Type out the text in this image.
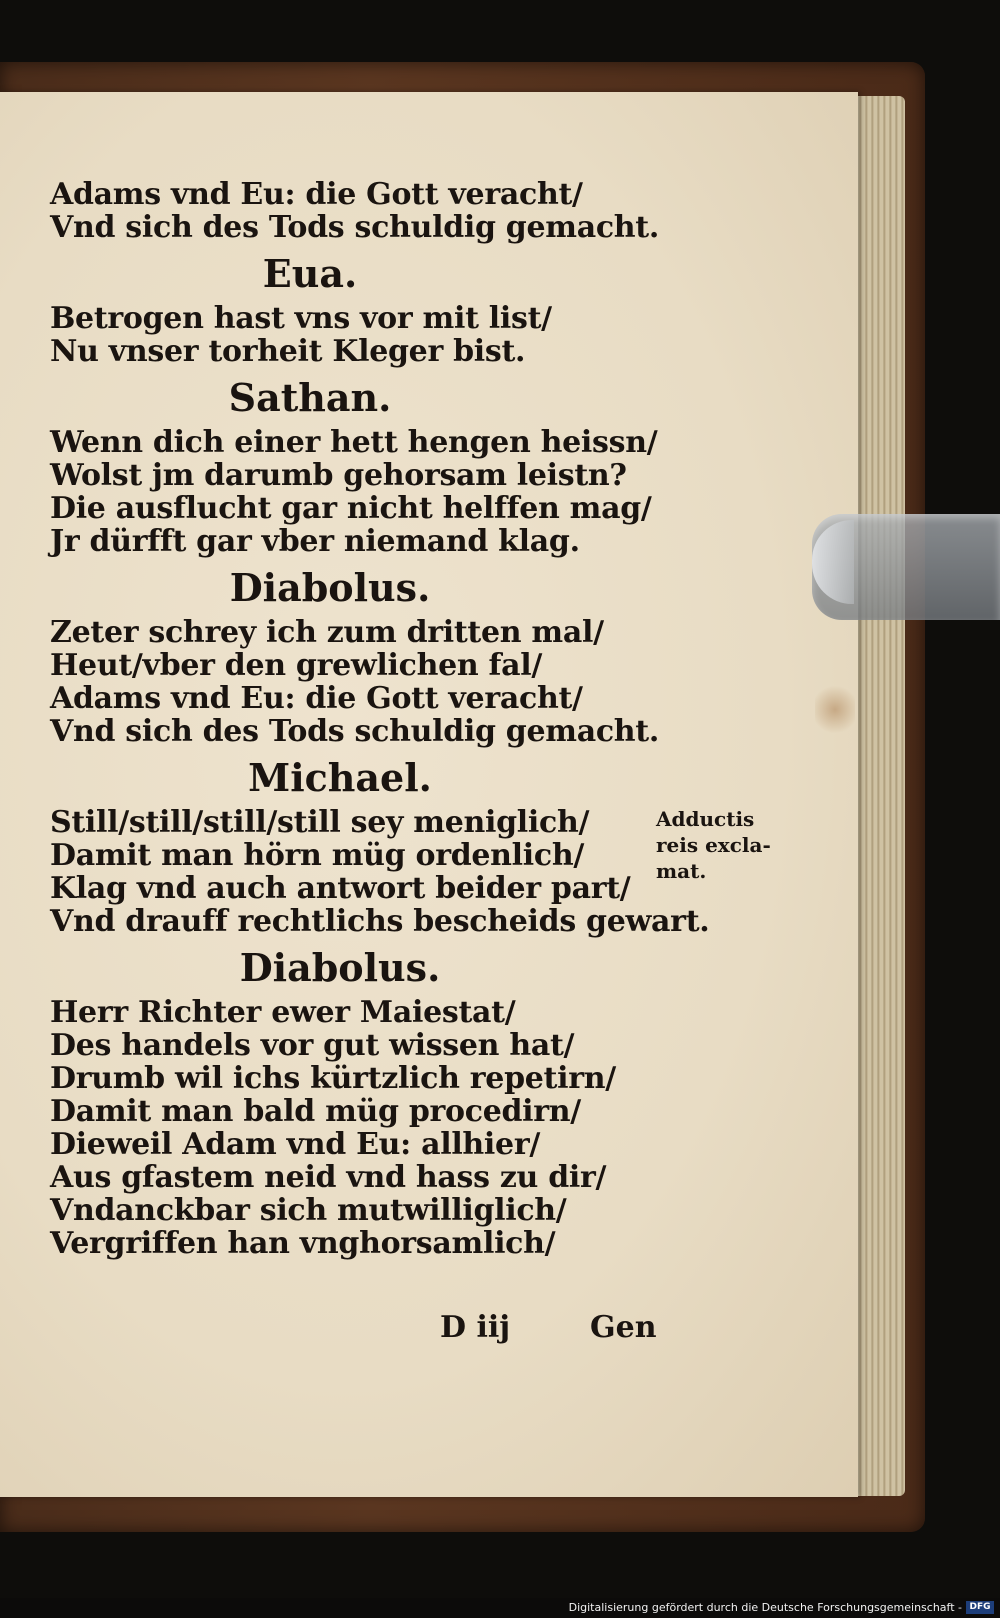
Adams vnd Eu: die Gott veracht/
Vnd sich des Tods schuldig gemacht.
Eua.
Betrogen hast vns vor mit list/
Nu vnser torheit Kleger bist.
Sathan.
Wenn dich einer hett hengen heissn/
Wolst jm darumb gehorsam leistn?
Die ausflucht gar nicht helffen mag/
Jr dürfft gar vber niemand klag.
Diabolus.
Zeter schrey ich zum dritten mal/
Heut/vber den grewlichen fal/
Adams vnd Eu: die Gott veracht/
Vnd sich des Tods schuldig gemacht.
Michael.
Still/still/still/still sey meniglich/
Damit man hörn müg ordenlich/
Klag vnd auch antwort beider part/
Vnd drauff rechtlichs bescheids gewart.
Diabolus.
Herr Richter ewer Maiestat/
Des handels vor gut wissen hat/
Drumb wil ichs kürtzlich repetirn/
Damit man bald müg procedirn/
Dieweil Adam vnd Eu: allhier/
Aus gfastem neid vnd hass zu dir/
Vndanckbar sich mutwilliglich/
Vergriffen han vnghorsamlich/
Adductis
reis excla-
mat.
D iij	Gen
Digitalisierung gefördert durch die Deutsche Forschungsgemeinschaft - DFG
